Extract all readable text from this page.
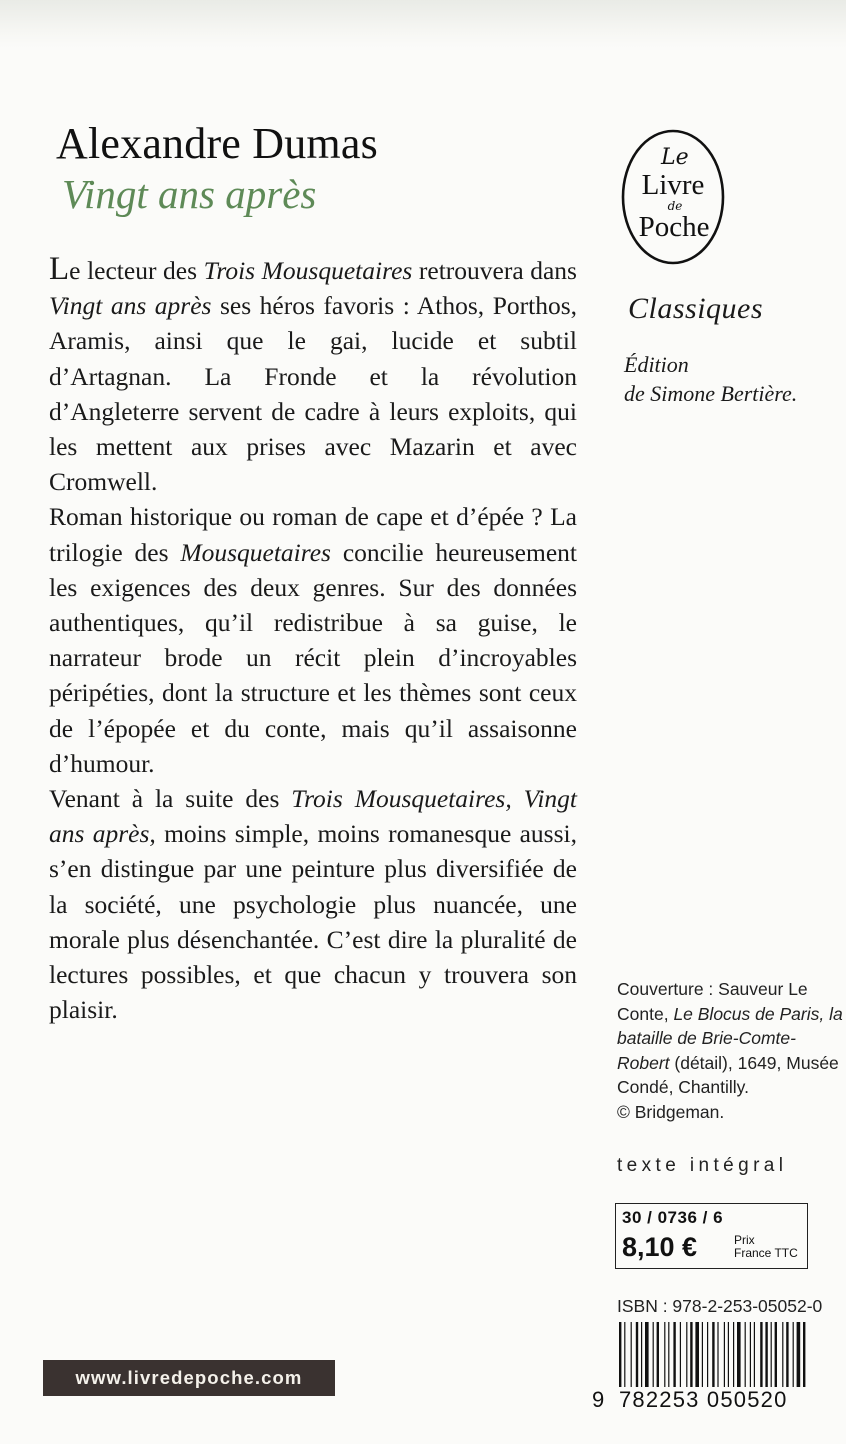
Alexandre Dumas
Vingt ans après

Le lecteur des Trois Mousquetaires retrouvera dans Vingt ans après ses héros favoris : Athos, Porthos, Aramis, ainsi que le gai, lucide et subtil d’Artagnan. La Fronde et la révolution d’Angleterre servent de cadre à leurs exploits, qui les mettent aux prises avec Mazarin et avec Cromwell.

Roman historique ou roman de cape et d’épée ? La trilogie des Mousquetaires concilie heureusement les exigences des deux genres. Sur des données authentiques, qu’il redistribue à sa guise, le narrateur brode un récit plein d’incroyables péripéties, dont la structure et les thèmes sont ceux de l’épopée et du conte, mais qu’il assaisonne d’humour.

Venant à la suite des Trois Mousquetaires, Vingt ans après, moins simple, moins romanesque aussi, s’en distingue par une peinture plus diversifiée de la société, une psychologie plus nuancée, une morale plus désenchantée. C’est dire la pluralité de lectures possibles, et que chacun y trouvera son plaisir.

Le
Livre
de
Poche
Classiques

Édition
de Simone Bertière.

Couverture : Sauveur Le Conte, Le Blocus de Paris, la bataille de Brie-Comte-Robert (détail), 1649, Musée Condé, Chantilly.
© Bridgeman.

texte intégral

30 / 0736 / 6
8,10 €	Prix
France TTC

ISBN : 978-2-253-05052-0

9 782253 050520
www.livredepoche.com
